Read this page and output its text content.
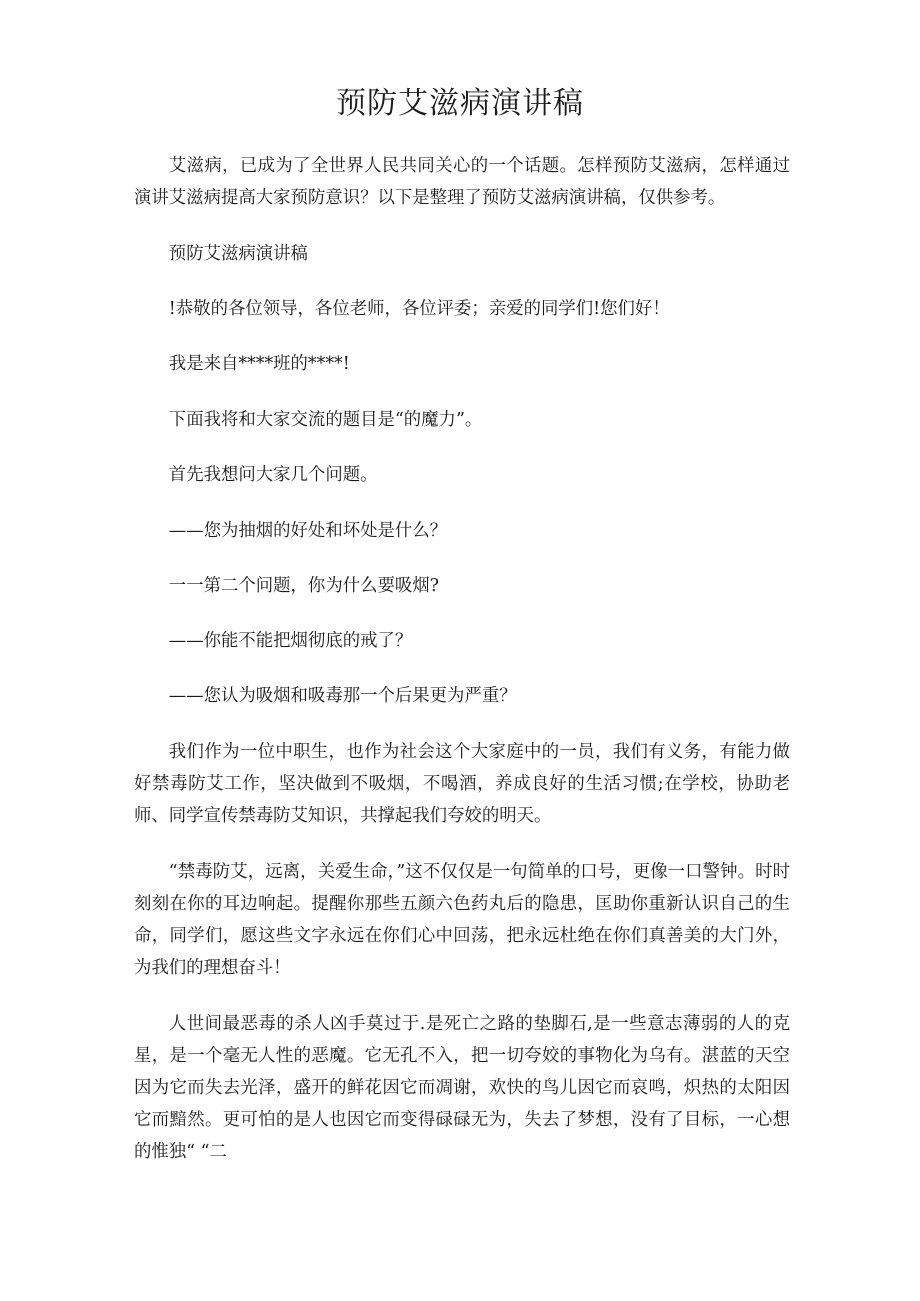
预防艾滋病演讲稿

艾滋病，已成为了全世界人民共同关心的一个话题。怎样预防艾滋病，怎样通过演讲艾滋病提高大家预防意识？以下是整理了预防艾滋病演讲稿，仅供参考。

预防艾滋病演讲稿

!恭敬的各位领导，各位老师，各位评委；亲爱的同学们!您们好！

我是来自****班的****!

下面我将和大家交流的题目是“的魔力”。

首先我想问大家几个问题。

——您为抽烟的好处和坏处是什么？

一一第二个问题，你为什么要吸烟?

——你能不能把烟彻底的戒了？

——您认为吸烟和吸毒那一个后果更为严重？

我们作为一位中职生，也作为社会这个大家庭中的一员，我们有义务，有能力做好禁毒防艾工作，坚决做到不吸烟，不喝酒，养成良好的生活习惯;在学校，协助老师、同学宣传禁毒防艾知识，共撑起我们夸姣的明天。

“禁毒防艾，远离，关爱生命，”这不仅仅是一句简单的口号，更像一口警钟。时时刻刻在你的耳边响起。提醒你那些五颜六色药丸后的隐患，匡助你重新认识自己的生命，同学们，愿这些文字永远在你们心中回荡，把永远杜绝在你们真善美的大门外，为我们的理想奋斗！

人世间最恶毒的杀人凶手莫过于.是死亡之路的垫脚石,是一些意志薄弱的人的克星，是一个毫无人性的恶魔。它无孔不入，把一切夸姣的事物化为乌有。湛蓝的天空因为它而失去光泽，盛开的鲜花因它而凋谢，欢快的鸟儿因它而哀鸣，炽热的太阳因它而黯然。更可怕的是人也因它而变得碌碌无为，失去了梦想，没有了目标，一心想的惟独“ “二
